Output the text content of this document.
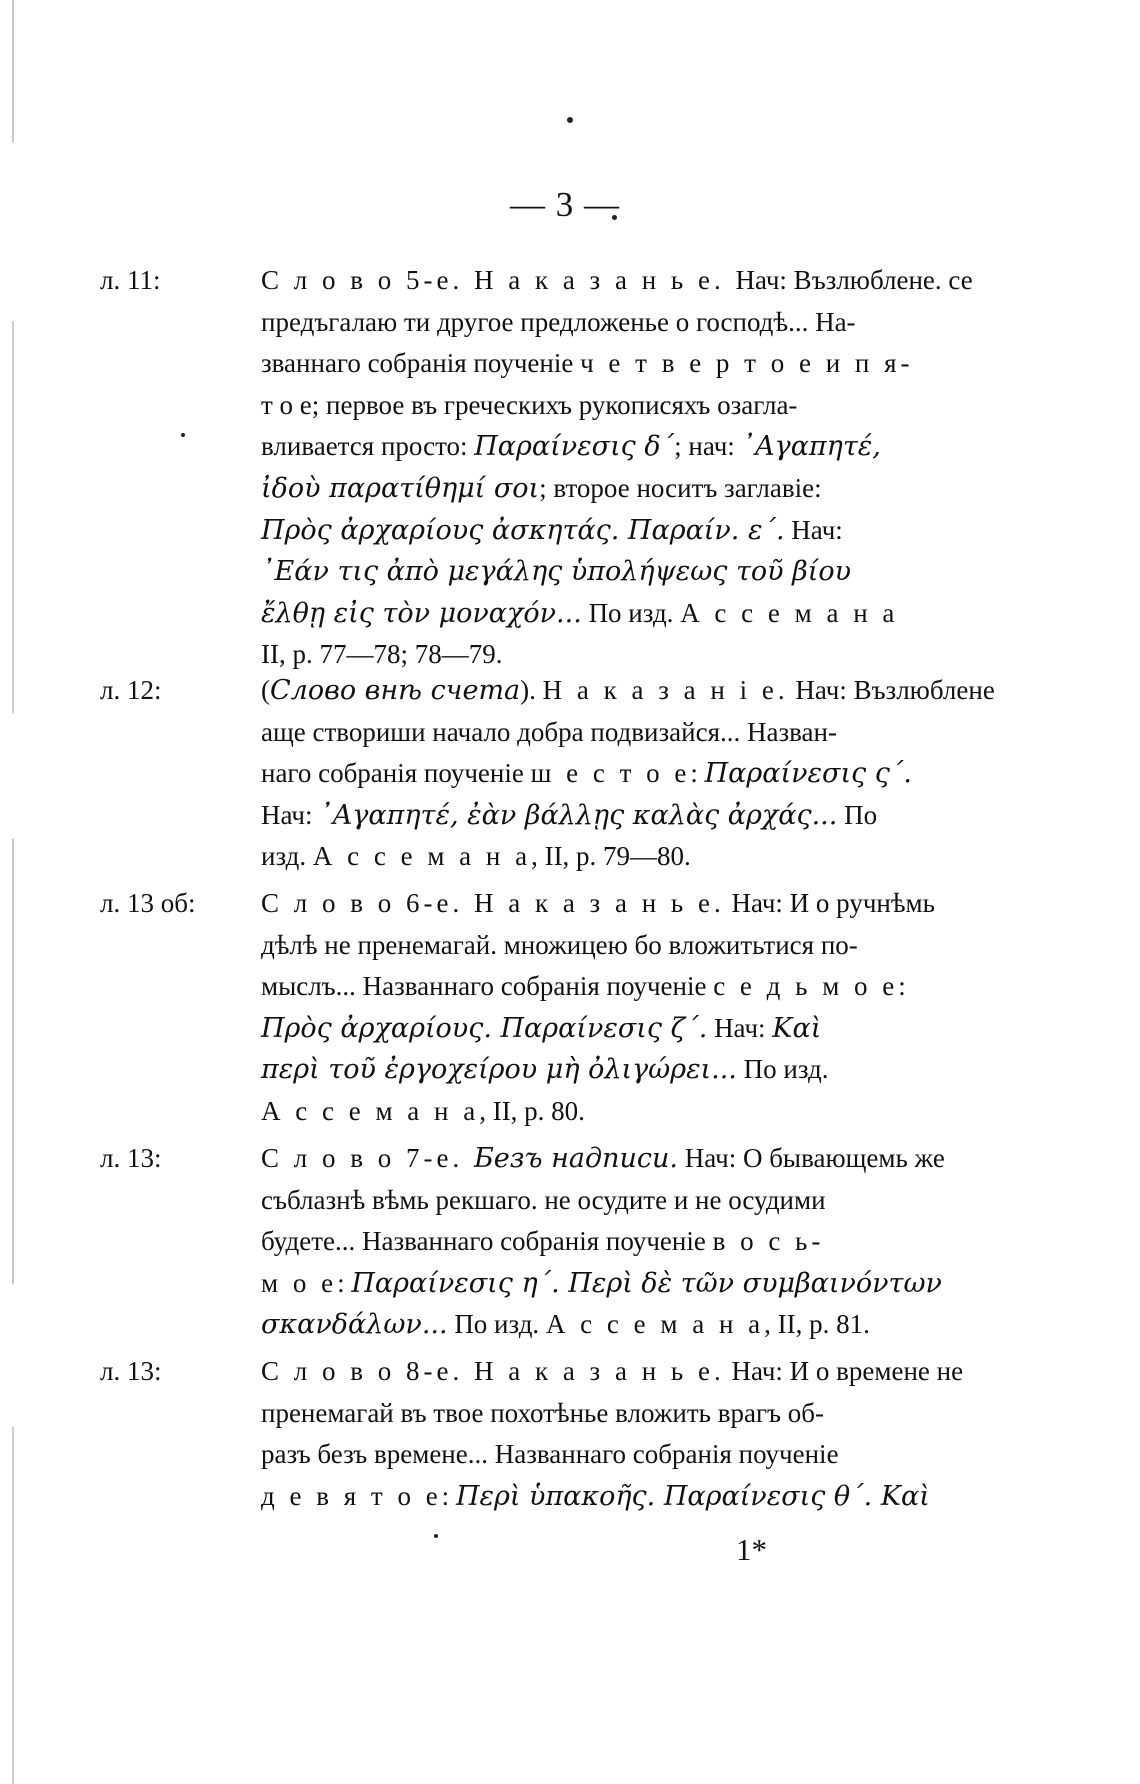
— 3 —
л. 11:	С л о в о 5-е. Н а к а з а н ь е. Нач: Възлюблене. се
предъгалаю ти другое предложенье о господѣ... На-
званнаго собранія поученіе ч е т в е р т о е и п я-
т о е; первое въ греческихъ рукописяхъ озагла-
вливается просто: Παραίνεσις δ´; нач: ᾿Αγαπητέ,
ἰδοὺ παρατίθημί σοι; второе носитъ заглавіе:
Πρὸς ἀρχαρίους ἀσκητάς. Παραίν. ε´. Нач:
᾿Εάν τις ἀπὸ μεγάλης ὑπολήψεως τοῦ βίου
ἔλθῃ εἰς τὸν μοναχόν... По изд. А с с е м а н а
II, p. 77—78; 78—79.
л. 12:	(Слово внѣ счета). Н а к а з а н і е. Нач: Възлюблене
аще створиши начало добра подвизайся... Назван-
наго собранія поученіе ш е с т о е: Παραίνεσις ς´.
Нач: ᾿Αγαπητέ, ἐὰν βάλλῃς καλὰς ἀρχάς... По
изд. А с с е м а н а, II, p. 79—80.
л. 13 об: С л о в о 6-е. Н а к а з а н ь е. Нач: И о ручнѣмь
дѣлѣ не пренемагай. множицею бо вложитьтися по-
мыслъ... Названнаго собранія поученіе с е д ь м о е:
Πρὸς ἀρχαρίους. Παραίνεσις ζ´. Нач: Καὶ
περὶ τοῦ ἐργοχείρου μὴ ὀλιγώρει... По изд.
А с с е м а н а, II, p. 80.
л. 13:	С л о в о 7-е. Безъ надписи. Нач: О бывающемь же
съблазнѣ вѣмь рекшаго. не осудите и не осудими
будете... Названнаго собранія поученіе в о с ь-
м о е: Παραίνεσις η´. Περὶ δὲ τῶν συμβαινόντων
σκανδάλων... По изд. А с с е м а н а, II, p. 81.
л. 13:	С л о в о 8-е. Н а к а з а н ь е. Нач: И о времене не
пренемагай въ твое похотѣнье вложить врагъ об-
разъ безъ времене... Названнаго собранія поученіе
д е в я т о е: Περὶ ὑπακοῆς. Παραίνεσις θ´. Καὶ
1*
